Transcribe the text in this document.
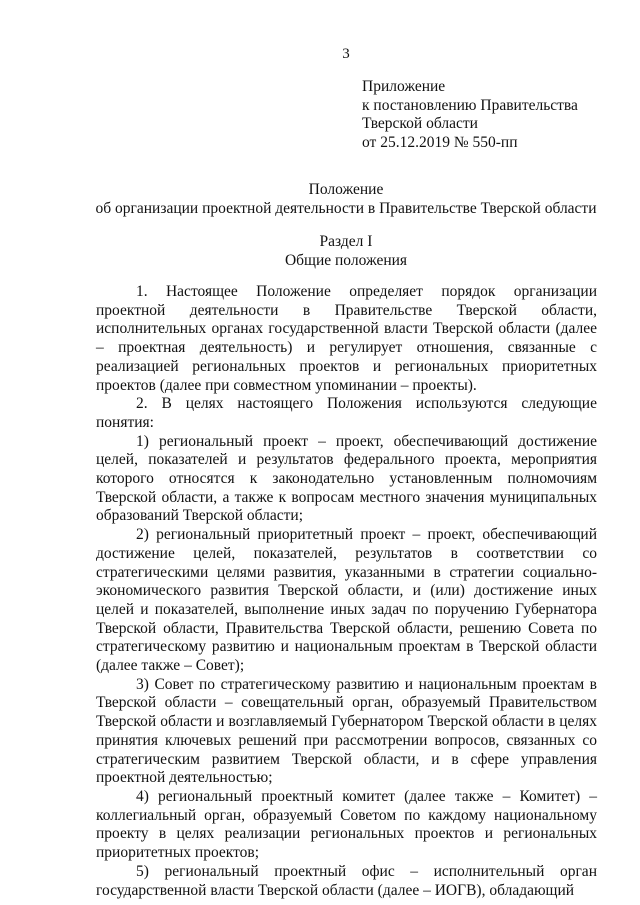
3
Приложение
к постановлению Правительства
Тверской области
от 25.12.2019 № 550-пп
Положение
об организации проектной деятельности в Правительстве Тверской области
Раздел I
Общие положения

1. Настоящее Положение определяет порядок организации проектной деятельности в Правительстве Тверской области, исполнительных органах государственной власти Тверской области (далее – проектная деятельность) и регулирует отношения, связанные с реализацией региональных проектов и региональных приоритетных проектов (далее при совместном упоминании – проекты).

2. В целях настоящего Положения используются следующие понятия:

1) региональный проект – проект, обеспечивающий достижение целей, показателей и результатов федерального проекта, мероприятия которого относятся к законодательно установленным полномочиям Тверской области, а также к вопросам местного значения муниципальных образований Тверской области;

2) региональный приоритетный проект – проект, обеспечивающий достижение целей, показателей, результатов в соответствии со стратегическими целями развития, указанными в стратегии социально-экономического развития Тверской области, и (или) достижение иных целей и показателей, выполнение иных задач по поручению Губернатора Тверской области, Правительства Тверской области, решению Совета по стратегическому развитию и национальным проектам в Тверской области (далее также – Совет);

3) Совет по стратегическому развитию и национальным проектам в Тверской области – совещательный орган, образуемый Правительством Тверской области и возглавляемый Губернатором Тверской области в целях принятия ключевых решений при рассмотрении вопросов, связанных со стратегическим развитием Тверской области, и в сфере управления проектной деятельностью;

4) региональный проектный комитет (далее также – Комитет) – коллегиальный орган, образуемый Советом по каждому национальному проекту в целях реализации региональных проектов и региональных приоритетных проектов;

5) региональный проектный офис – исполнительный орган государственной власти Тверской области (далее – ИОГВ), обладающий
